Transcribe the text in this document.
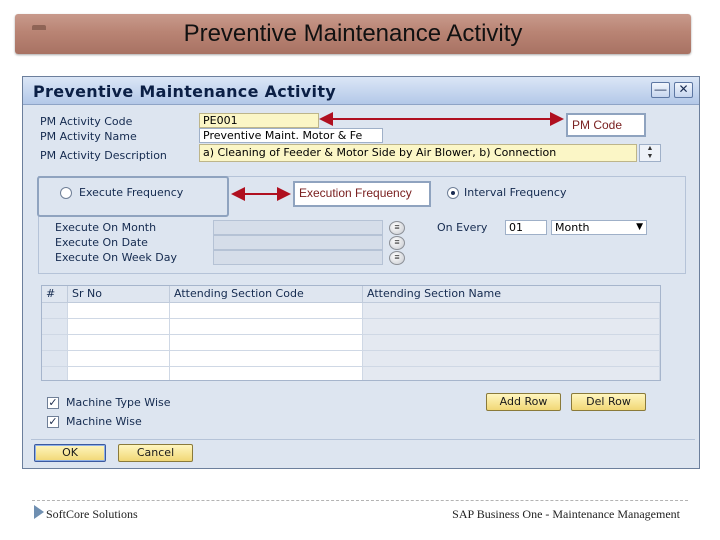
Preventive Maintenance Activity
Preventive Maintenance Activity	— ✕
PM Activity Code	PE001
PM Activity Name	Preventive Maint. Motor & Fe
PM Activity Description	a) Cleaning of Feeder & Motor Side by Air Blower, b) Connection	▲
▼
Execute Frequency	Interval Frequency
Execute On Month	≡
Execute On Date	≡
Execute On Week Day	≡
On Every	01	Month	▼
#	Sr No	Attending Section Code	Attending Section Name
✓ Machine Type Wise
✓ Machine Wise
Add Row	Del Row
OK	Cancel
PM Code
Execution Frequency
SoftCore Solutions	SAP Business One - Maintenance Management
